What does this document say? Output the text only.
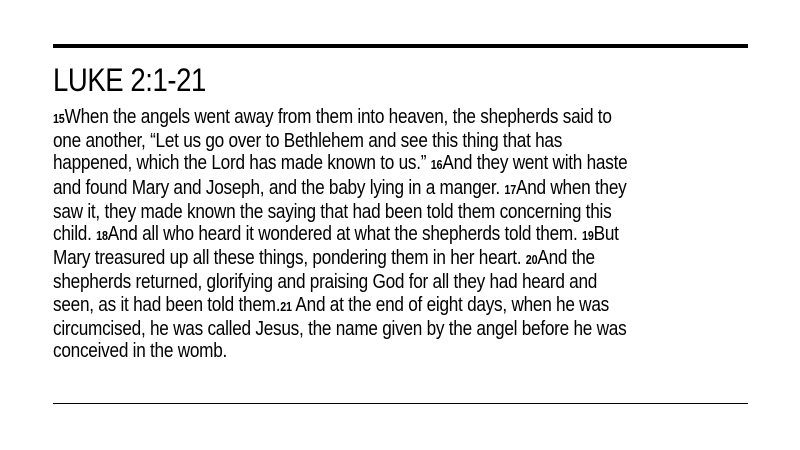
LUKE 2:1-21

15When the angels went away from them into heaven, the shepherds said to
one another, “Let us go over to Bethlehem and see this thing that has
happened, which the Lord has made known to us.” 16And they went with haste
and found Mary and Joseph, and the baby lying in a manger. 17And when they
saw it, they made known the saying that had been told them concerning this
child. 18And all who heard it wondered at what the shepherds told them. 19But
Mary treasured up all these things, pondering them in her heart. 20And the
shepherds returned, glorifying and praising God for all they had heard and
seen, as it had been told them.21 And at the end of eight days, when he was
circumcised, he was called Jesus, the name given by the angel before he was
conceived in the womb.
